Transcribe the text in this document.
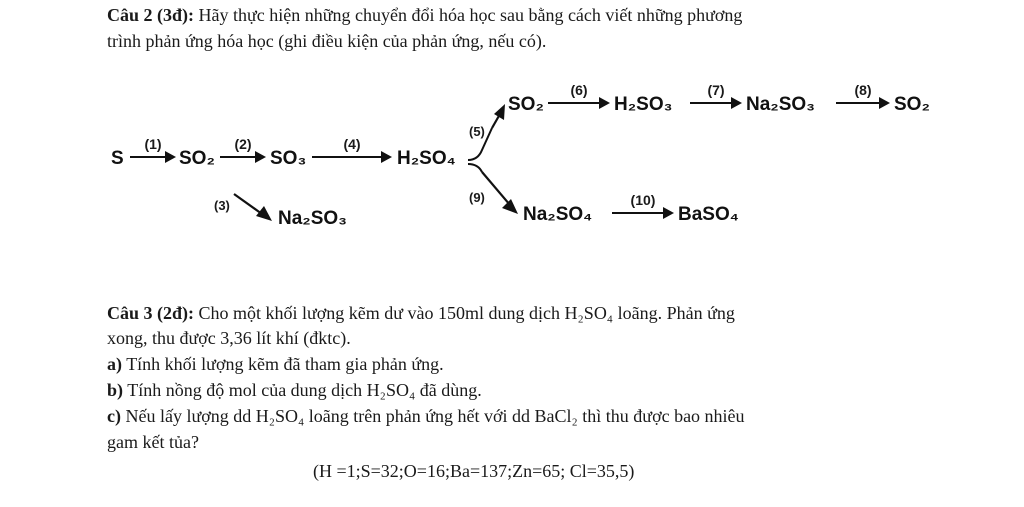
Câu 2 (3đ): Hãy thực hiện những chuyển đổi hóa học sau bằng cách viết những phương
trình phản ứng hóa học (ghi điều kiện của phản ứng, nếu có).
S
(1)
SO₂
(2)
SO₃
(4)
H₂SO₄
(3)
Na₂SO₃
(5)
SO₂
(6)
H₂SO₃
(7)
Na₂SO₃
(8)
SO₂
(9)
Na₂SO₄
(10)
BaSO₄
Câu 3 (2đ): Cho một khối lượng kẽm dư vào 150ml dung dịch H₂SO₄ loãng. Phản ứng
xong, thu được 3,36 lít khí (đktc).
a) Tính khối lượng kẽm đã tham gia phản ứng.
b) Tính nồng độ mol của dung dịch H₂SO₄ đã dùng.
c) Nếu lấy lượng dd H₂SO₄ loãng trên phản ứng hết với dd BaCl₂ thì thu được bao nhiêu
gam kết tủa?
(H =1;S=32;O=16;Ba=137;Zn=65; Cl=35,5)
